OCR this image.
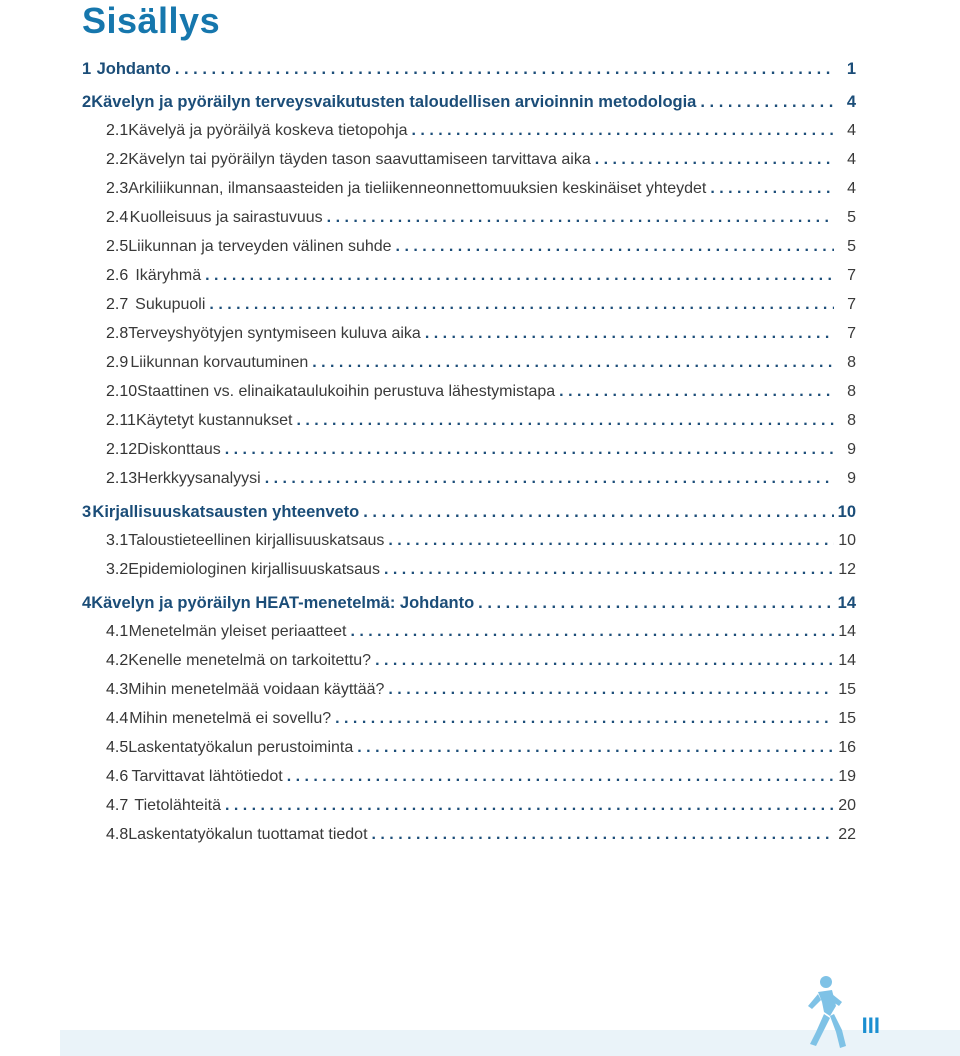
Sisällys
1 Johdanto . . .	1
2 Kävelyn ja pyöräilyn terveysvaikutusten taloudellisen arvioinnin metodologia . . .	4
2.1 Kävelyä ja pyöräilyä koskeva tietopohja . . .	4
2.2 Kävelyn tai pyöräilyn täyden tason saavuttamiseen tarvittava aika . . .	4
2.3 Arkiliikunnan, ilmansaasteiden ja tieliikenneonnettomuuksien keskinäiset yhteydet . . .	4
2.4 Kuolleisuus ja sairastuvuus . . .	5
2.5 Liikunnan ja terveyden välinen suhde . . .	5
2.6 Ikäryhmä . . .	7
2.7 Sukupuoli . . .	7
2.8 Terveyshyötyjen syntymiseen kuluva aika . . .	7
2.9 Liikunnan korvautuminen . . .	8
2.10 Staattinen vs. elinaikataulukoihin perustuva lähestymistapa . . .	8
2.11 Käytetyt kustannukset . . .	8
2.12 Diskonttaus . . .	9
2.13 Herkkyysanalyysi . . .	9
3 Kirjallisuuskatsausten yhteenveto . . .	10
3.1 Taloustieteellinen kirjallisuuskatsaus . . .	10
3.2 Epidemiologinen kirjallisuuskatsaus . . .	12
4 Kävelyn ja pyöräilyn HEAT-menetelmä: Johdanto . . .	14
4.1 Menetelmän yleiset periaatteet . . .	14
4.2 Kenelle menetelmä on tarkoitettu? . . .	14
4.3 Mihin menetelmää voidaan käyttää? . . .	15
4.4 Mihin menetelmä ei sovellu? . . .	15
4.5 Laskentatyökalun perustoiminta . . .	16
4.6 Tarvittavat lähtötiedot . . .	19
4.7 Tietolähteitä . . .	20
4.8 Laskentatyökalun tuottamat tiedot . . .	22
III
